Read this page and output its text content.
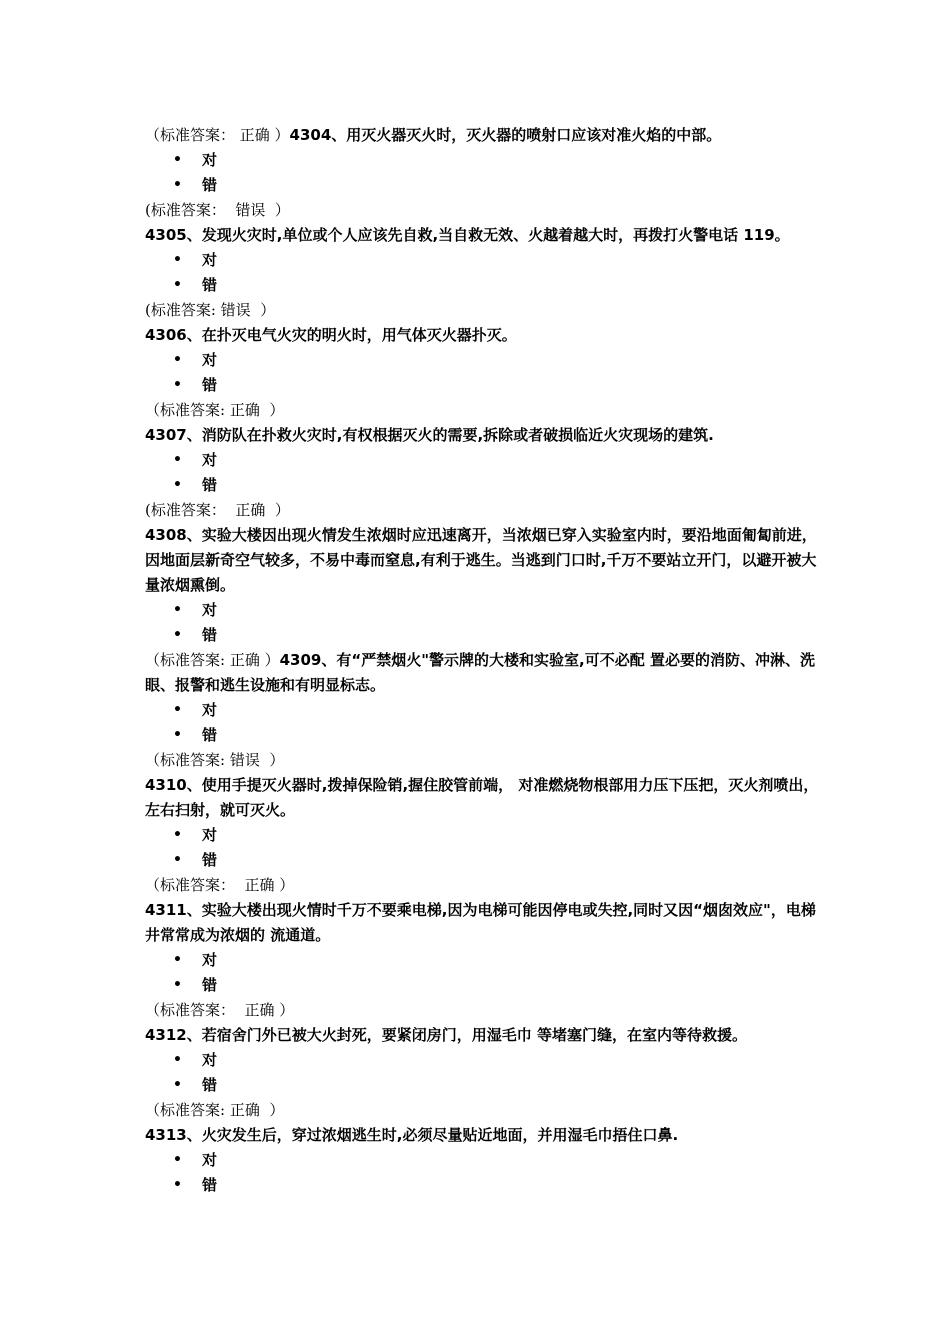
（标准答案： 正确 ）4304、用灭火器灭火时，灭火器的喷射口应该对准火焰的中部。
• 对
• 错
(标准答案：  错误  ）
4305、发现火灾时,单位或个人应该先自救,当自救无效、火越着越大时，再拨打火警电话 119。
• 对
• 错
(标准答案: 错误  ）
4306、在扑灭电气火灾的明火时，用气体灭火器扑灭。
• 对
• 错
（标准答案: 正确  ）
4307、消防队在扑救火灾时,有权根据灭火的需要,拆除或者破损临近火灾现场的建筑.
• 对
• 错
(标准答案：  正确  ）
4308、实验大楼因出现火情发生浓烟时应迅速离开，当浓烟已穿入实验室内时，要沿地面匍匐前进，因地面层新奇空气较多，不易中毒而窒息,有利于逃生。当逃到门口时,千万不要站立开门，以避开被大量浓烟熏倒。
• 对
• 错
（标准答案: 正确 ）4309、有“严禁烟火"警示牌的大楼和实验室,可不必配 置必要的消防、冲淋、洗眼、报警和逃生设施和有明显标志。
• 对
• 错
（标准答案: 错误  ）
4310、使用手提灭火器时,拨掉保险销,握住胶管前端， 对准燃烧物根部用力压下压把，灭火剂喷出，左右扫射，就可灭火。
• 对
• 错
（标准答案：  正确 ）
4311、实验大楼出现火情时千万不要乘电梯,因为电梯可能因停电或失控,同时又因“烟囱效应"，电梯井常常成为浓烟的 流通道。
• 对
• 错
（标准答案：  正确 ）
4312、若宿舍门外已被大火封死，要紧闭房门，用湿毛巾 等堵塞门缝，在室内等待救援。
• 对
• 错
（标准答案: 正确  ）
4313、火灾发生后，穿过浓烟逃生时,必须尽量贴近地面，并用湿毛巾捂住口鼻.
• 对
• 错
